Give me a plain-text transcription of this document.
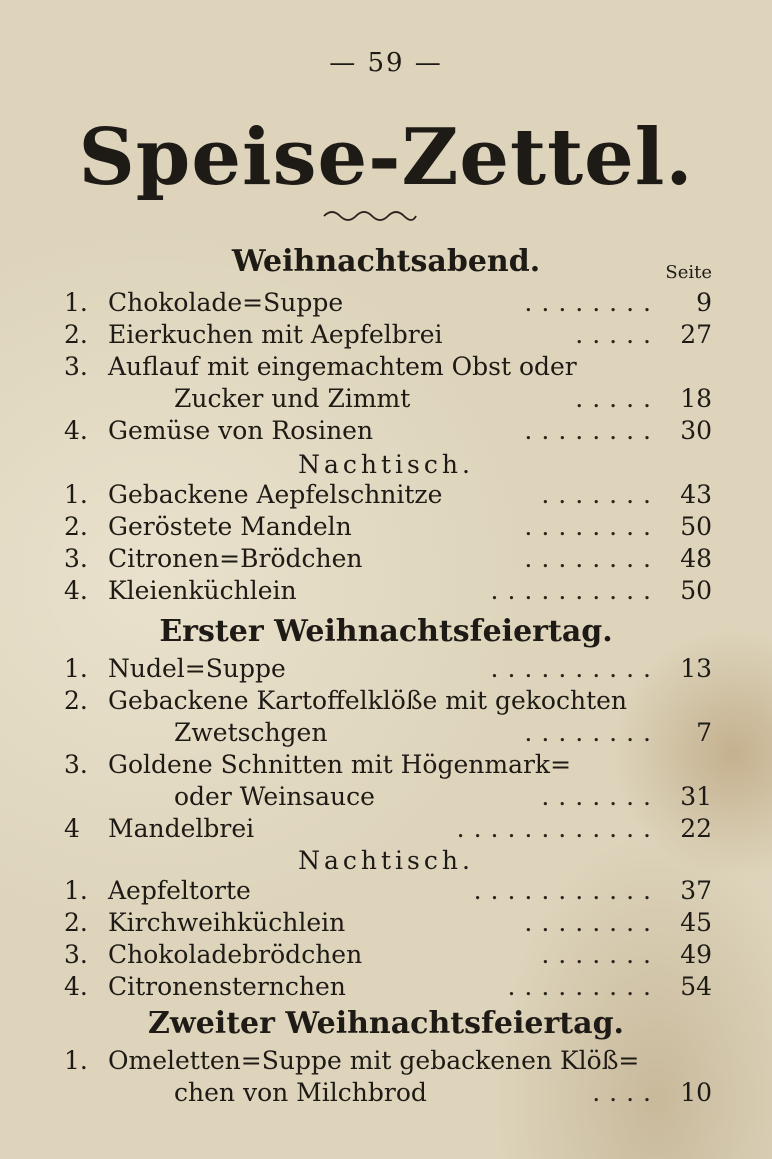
— 59 —
Speise-Zettel.
Weihnachtsabend.	Seite
1. Chokolade=Suppe	........ 9
2. Eierkuchen mit Aepfelbrei	..... 27
3. Auflauf mit eingemachtem Obst oder
Zucker und Zimmt	..... 18
4. Gemüse von Rosinen	........ 30
Nachtisch.
1. Gebackene Aepfelschnitze	....... 43
2. Geröstete Mandeln	........ 50
3. Citronen=Brödchen	........ 48
4. Kleienküchlein	.......... 50
Erster Weihnachtsfeiertag.
1. Nudel=Suppe	.......... 13
2. Gebackene Kartoffelklöße mit gekochten
Zwetschgen	........ 7
3. Goldene Schnitten mit Högenmark=
oder Weinsauce	....... 31
4 Mandelbrei	............ 22
Nachtisch.
1. Aepfeltorte	........... 37
2. Kirchweihküchlein	........ 45
3. Chokoladebrödchen	....... 49
4. Citronensternchen	......... 54
Zweiter Weihnachtsfeiertag.
1. Omeletten=Suppe mit gebackenen Klöß=
chen von Milchbrod	.... 10
